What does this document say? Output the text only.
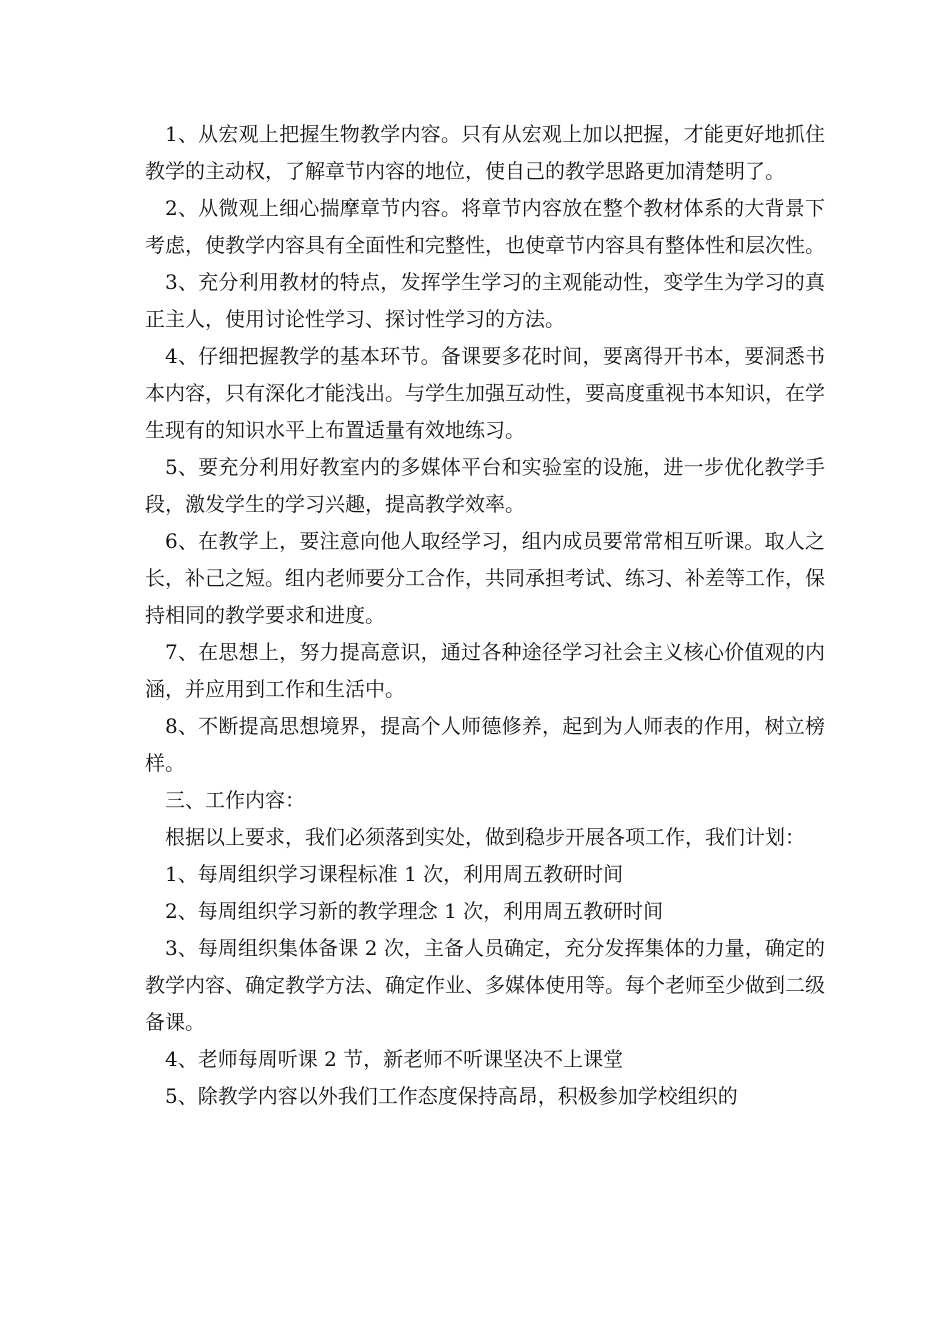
1、从宏观上把握生物教学内容。只有从宏观上加以把握，才能更好地抓住教学的主动权，了解章节内容的地位，使自己的教学思路更加清楚明了。

2、从微观上细心揣摩章节内容。将章节内容放在整个教材体系的大背景下考虑，使教学内容具有全面性和完整性，也使章节内容具有整体性和层次性。

3、充分利用教材的特点，发挥学生学习的主观能动性，变学生为学习的真正主人，使用讨论性学习、探讨性学习的方法。

4、仔细把握教学的基本环节。备课要多花时间，要离得开书本，要洞悉书本内容，只有深化才能浅出。与学生加强互动性，要高度重视书本知识，在学生现有的知识水平上布置适量有效地练习。

5、要充分利用好教室内的多媒体平台和实验室的设施，进一步优化教学手段，激发学生的学习兴趣，提高教学效率。

6、在教学上，要注意向他人取经学习，组内成员要常常相互听课。取人之长，补己之短。组内老师要分工合作，共同承担考试、练习、补差等工作，保持相同的教学要求和进度。

7、在思想上，努力提高意识，通过各种途径学习社会主义核心价值观的内涵，并应用到工作和生活中。

8、不断提高思想境界，提高个人师德修养，起到为人师表的作用，树立榜样。

三、工作内容：

根据以上要求，我们必须落到实处，做到稳步开展各项工作，我们计划：

1、每周组织学习课程标准 1 次，利用周五教研时间

2、每周组织学习新的教学理念 1 次，利用周五教研时间

3、每周组织集体备课 2 次，主备人员确定，充分发挥集体的力量，确定的教学内容、确定教学方法、确定作业、多媒体使用等。每个老师至少做到二级备课。

4、老师每周听课 2 节，新老师不听课坚决不上课堂

5、除教学内容以外我们工作态度保持高昂，积极参加学校组织的
